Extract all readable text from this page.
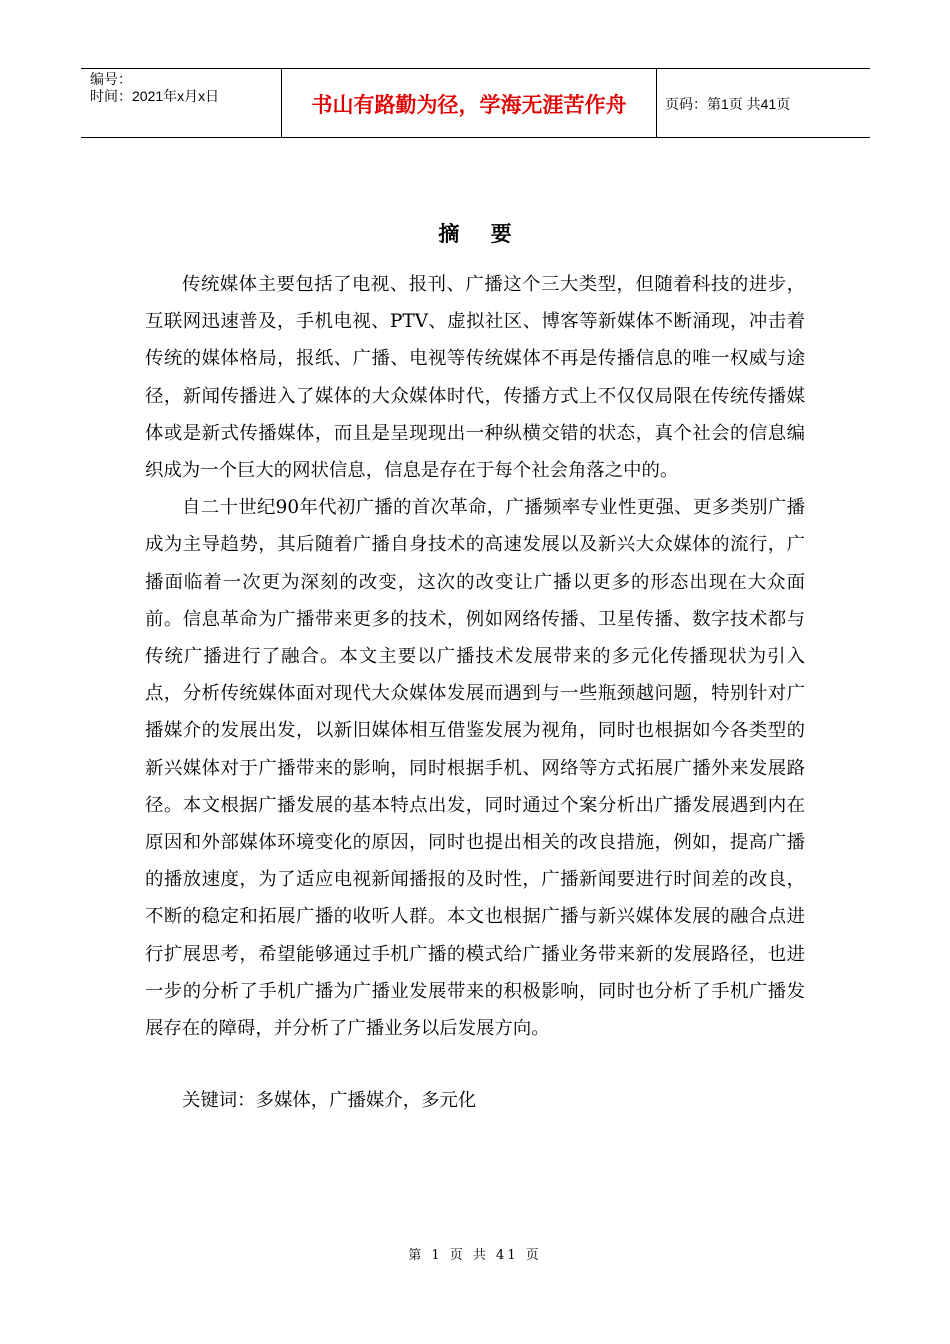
编号：
时间：2021年x月x日	书山有路勤为径，学海无涯苦作舟	页码：第1页 共41页
摘 要

传统媒体主要包括了电视、报刊、广播这个三大类型，但随着科技的进步，互联网迅速普及，手机电视、PTV、虚拟社区、博客等新媒体不断涌现，冲击着传统的媒体格局，报纸、广播、电视等传统媒体不再是传播信息的唯一权威与途径，新闻传播进入了媒体的大众媒体时代，传播方式上不仅仅局限在传统传播媒体或是新式传播媒体，而且是呈现现出一种纵横交错的状态，真个社会的信息编织成为一个巨大的网状信息，信息是存在于每个社会角落之中的。

自二十世纪90年代初广播的首次革命，广播频率专业性更强、更多类别广播成为主导趋势，其后随着广播自身技术的高速发展以及新兴大众媒体的流行，广播面临着一次更为深刻的改变，这次的改变让广播以更多的形态出现在大众面前。信息革命为广播带来更多的技术，例如网络传播、卫星传播、数字技术都与传统广播进行了融合。本文主要以广播技术发展带来的多元化传播现状为引入点，分析传统媒体面对现代大众媒体发展而遇到与一些瓶颈越问题，特别针对广播媒介的发展出发，以新旧媒体相互借鉴发展为视角，同时也根据如今各类型的新兴媒体对于广播带来的影响，同时根据手机、网络等方式拓展广播外来发展路径。本文根据广播发展的基本特点出发，同时通过个案分析出广播发展遇到内在原因和外部媒体环境变化的原因，同时也提出相关的改良措施，例如，提高广播的播放速度，为了适应电视新闻播报的及时性，广播新闻要进行时间差的改良，不断的稳定和拓展广播的收听人群。本文也根据广播与新兴媒体发展的融合点进行扩展思考，希望能够通过手机广播的模式给广播业务带来新的发展路径，也进一步的分析了手机广播为广播业发展带来的积极影响，同时也分析了手机广播发展存在的障碍，并分析了广播业务以后发展方向。

关键词：多媒体，广播媒介，多元化
第 1 页 共 41 页
